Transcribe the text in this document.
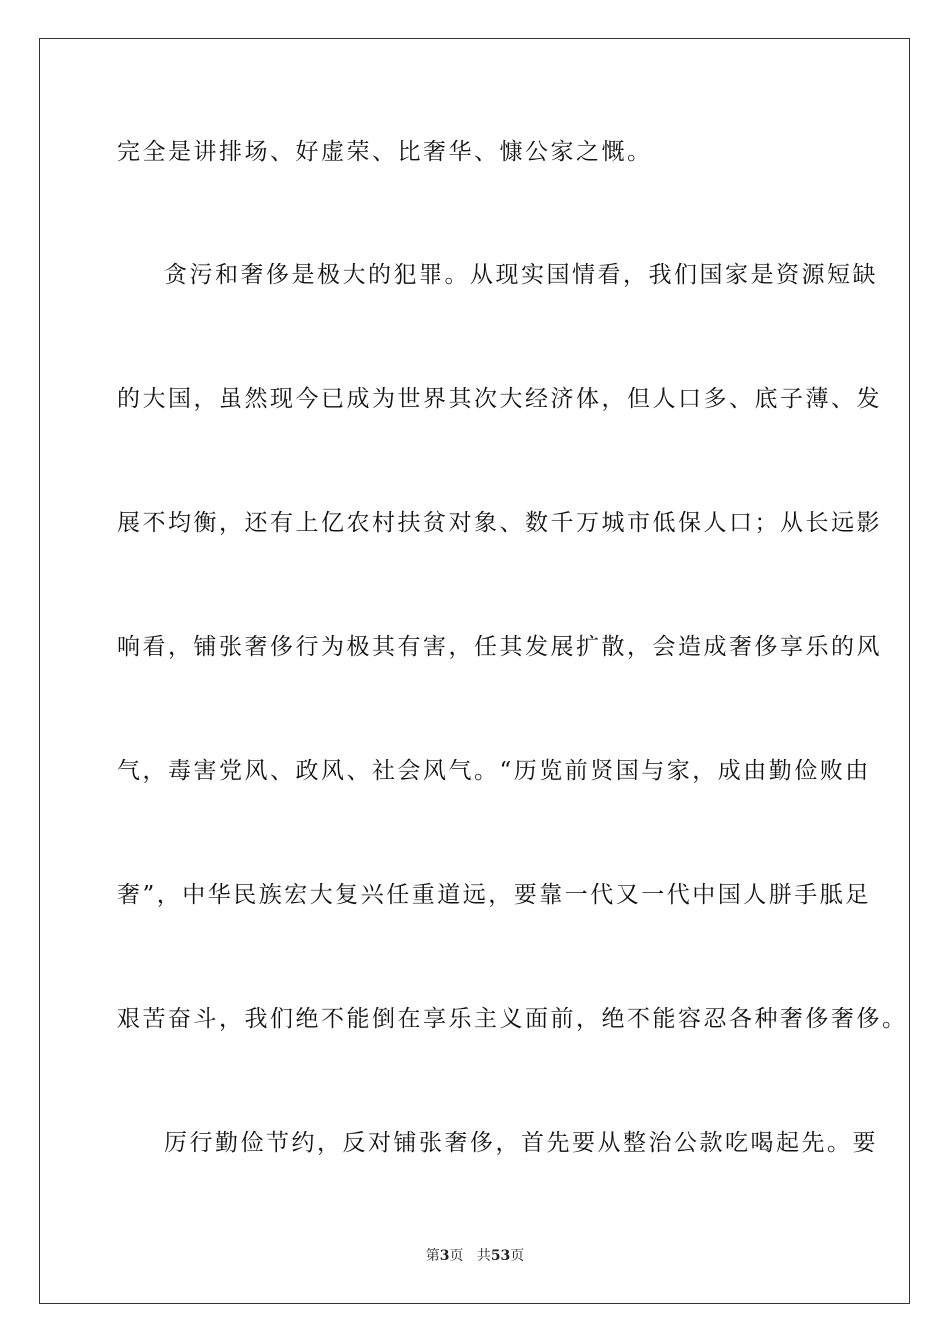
完全是讲排场、好虚荣、比奢华、慷公家之慨。
贪污和奢侈是极大的犯罪。从现实国情看，我们国家是资源短缺
的大国，虽然现今已成为世界其次大经济体，但人口多、底子薄、发
展不均衡，还有上亿农村扶贫对象、数千万城市低保人口；从长远影
响看，铺张奢侈行为极其有害，任其发展扩散，会造成奢侈享乐的风
气，毒害党风、政风、社会风气。“历览前贤国与家，成由勤俭败由
奢”，中华民族宏大复兴任重道远，要靠一代又一代中国人胼手胝足
艰苦奋斗，我们绝不能倒在享乐主义面前，绝不能容忍各种奢侈奢侈。
厉行勤俭节约，反对铺张奢侈，首先要从整治公款吃喝起先。要
第3页 共53页
